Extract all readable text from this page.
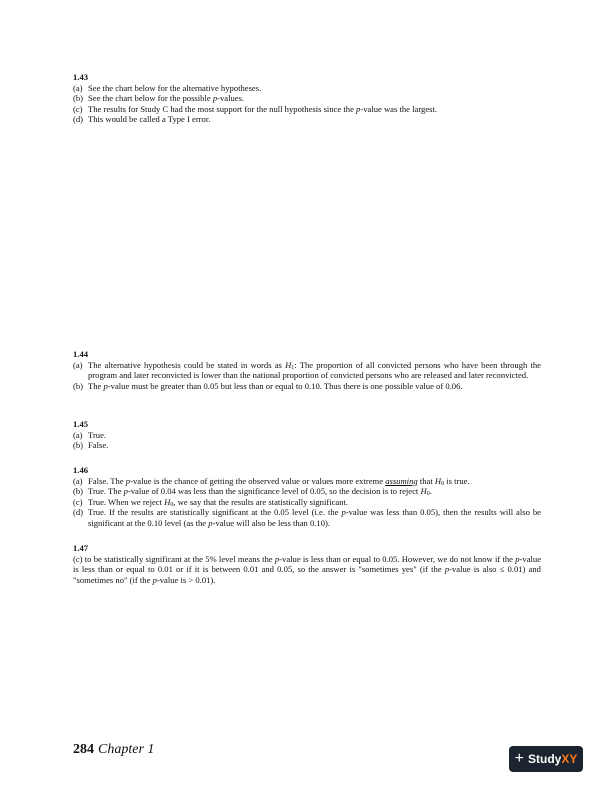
1.43
(a) See the chart below for the alternative hypotheses.
(b) See the chart below for the possible p-values.
(c) The results for Study C had the most support for the null hypothesis since the p-value was the largest.
(d) This would be called a Type I error.
1.44
(a) The alternative hypothesis could be stated in words as $H_1$: The proportion of all convicted persons who have been through the program and later reconvicted is lower than the national proportion of convicted persons who are released and later reconvicted.
(b) The p-value must be greater than 0.05 but less than or equal to 0.10. Thus there is one possible value of 0.06.
1.45
(a) True.
(b) False.
1.46
(a) False. The p-value is the chance of getting the observed value or values more extreme assuming that $H_0$ is true.
(b) True. The p-value of 0.04 was less than the significance level of 0.05, so the decision is to reject $H_0$.
(c) True. When we reject $H_0$, we say that the results are statistically significant.
(d) True. If the results are statistically significant at the 0.05 level (i.e. the p-value was less than 0.05), then the results will also be significant at the 0.10 level (as the p-value will also be less than 0.10).
1.47
(c) to be statistically significant at the 5% level means the p-value is less than or equal to 0.05. However, we do not know if the p-value is less than or equal to 0.01 or if it is between 0.01 and 0.05, so the answer is "sometimes yes" (if the p-value is also ≤ 0.01) and "sometimes no" (if the p-value is > 0.01).
284 Chapter 1
+ Study XY
